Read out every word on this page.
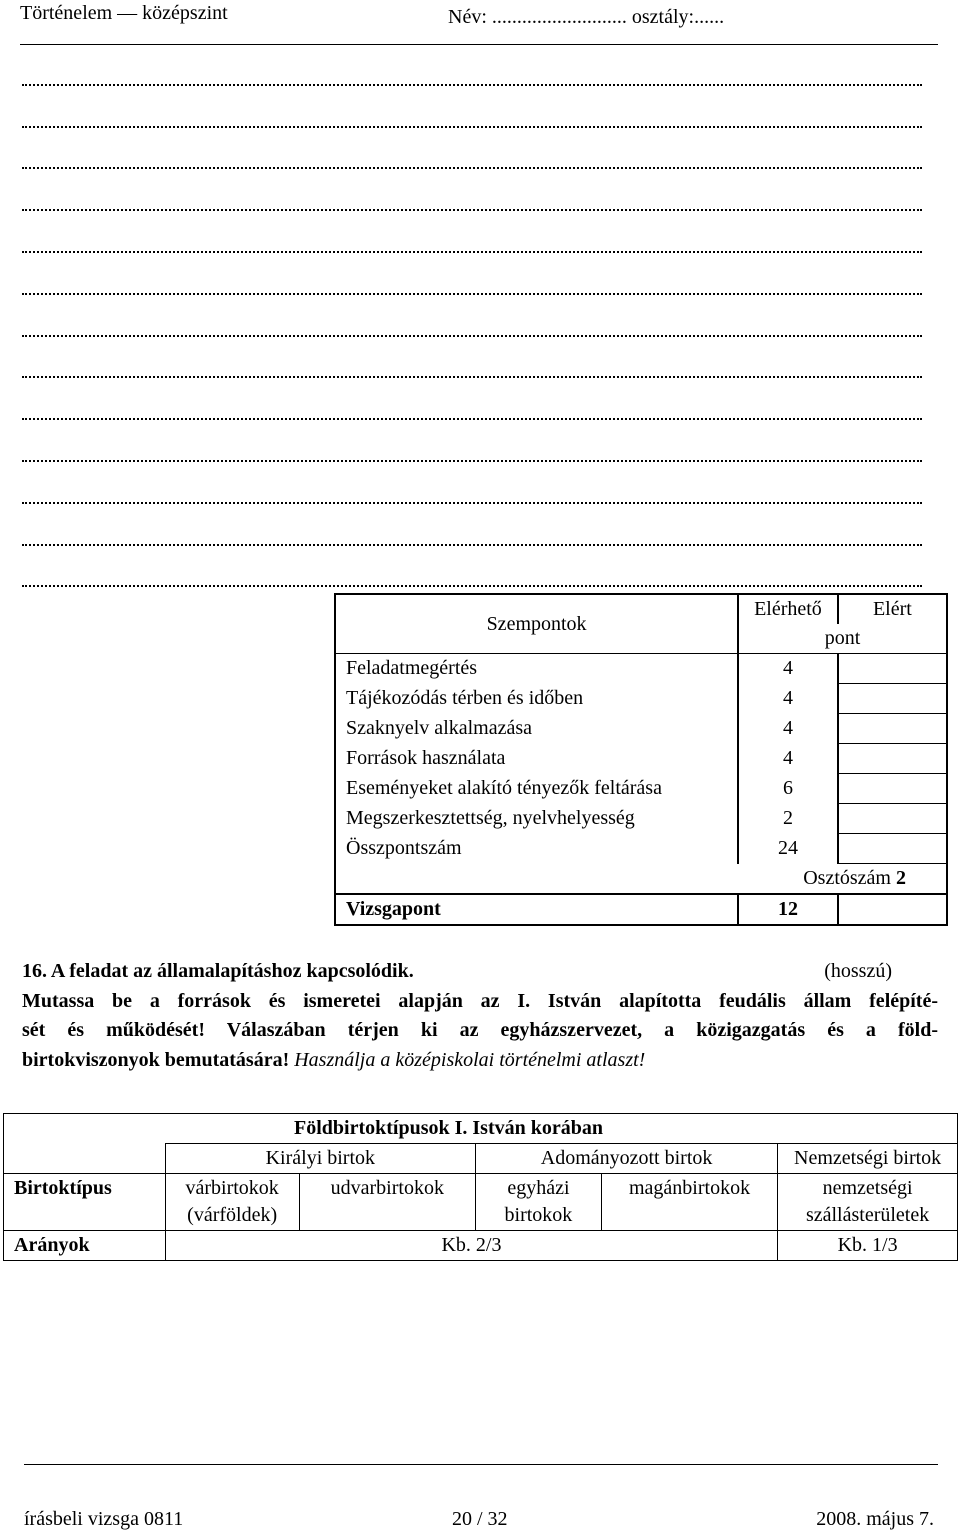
Történelem — középszint	Név: ........................... osztály:......
Szempontok	Elérhető	Elért
	pont	
Feladatmegértés	4	
Tájékozódás térben és időben	4	
Szaknyelv alkalmazása	4	
Források használata	4	
Eseményeket alakító tényezők feltárása	6	
Megszerkesztettség, nyelvhelyesség	2	
Összpontszám	24	
Osztószám 2		
Vizsgapont	12	
16. A feladat az államalapításhoz kapcsolódik.	(hosszú)
Mutassa be a források és ismeretei alapján az I. István alapította feudális állam felépíté-
sét és működését! Válaszában térjen ki az egyházszervezet, a közigazgatás és a föld-
birtokviszonyok bemutatására! Használja a középiskolai történelmi atlaszt!
Földbirtoktípusok I. István korában					
	Királyi birtok		Adományozott birtok		Nemzetségi birtok
Birtoktípus	várbirtokok (várföldek)	udvarbirtokok	egyházi birtokok	magánbirtokok	nemzetségi szállásterületek
Arányok	Kb. 2/3				Kb. 1/3
írásbeli vizsga 0811	20 / 32	2008. május 7.
